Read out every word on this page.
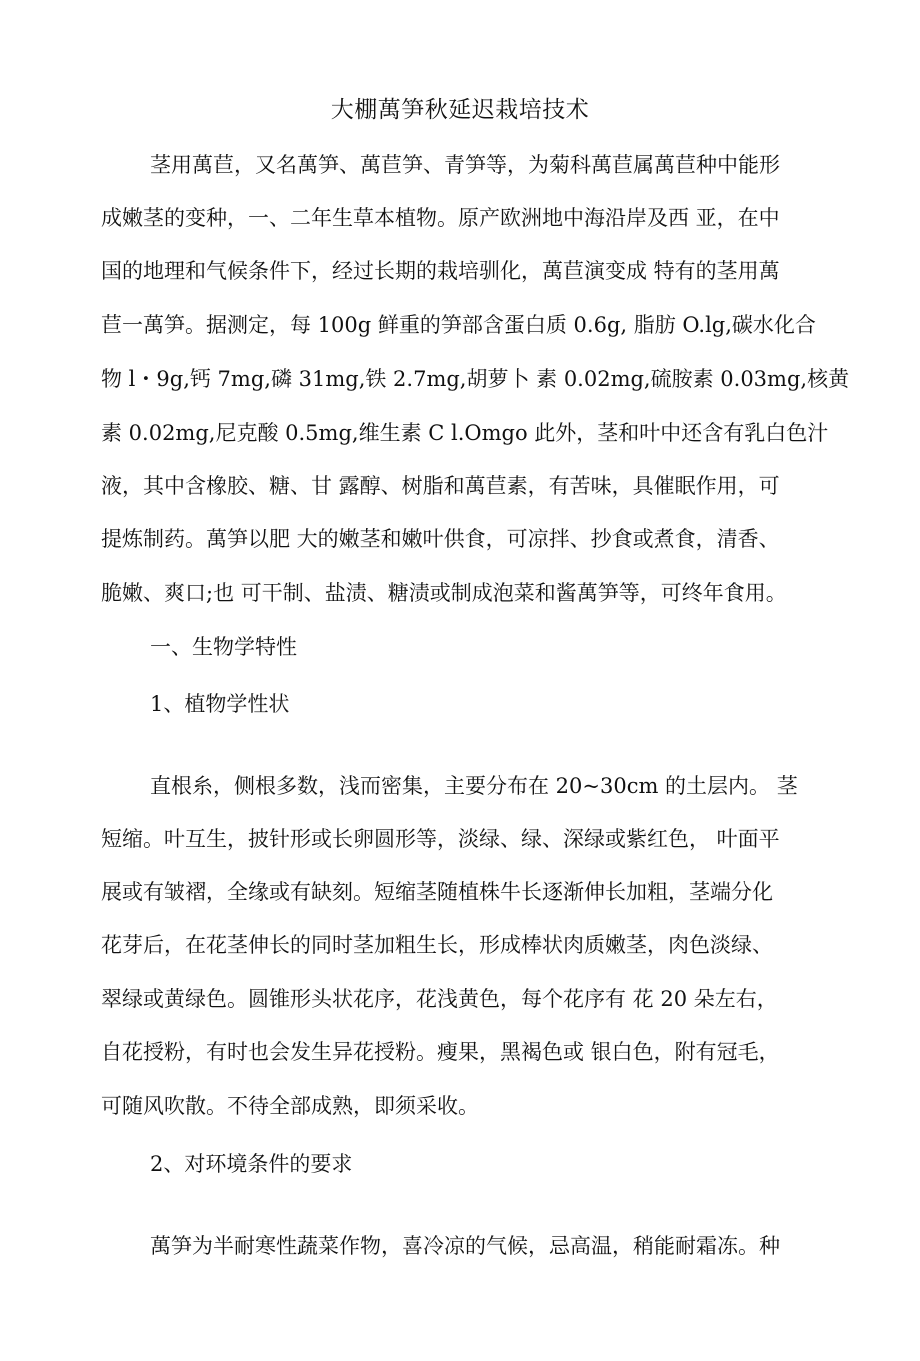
大棚萬笋秋延迟栽培技术
茎用萬苣，又名萬笋、萬苣笋、青笋等，为菊科萬苣属萬苣种中能形
成嫩茎的变种，一、二年生草本植物。原产欧洲地中海沿岸及西 亚，在中
国的地理和气候条件下，经过长期的栽培驯化，萬苣演变成 特有的茎用萬
苣一萬笋。据测定，每 100g 鲜重的笋部含蛋白质 0.6g, 脂肪 O.lg,碳水化合
物 l・9g,钙 7mg,磷 31mg,铁 2.7mg,胡萝卜 素 0.02mg,硫胺素 0.03mg,核黄
素 0.02mg,尼克酸 0.5mg,维生素 C l.Omgo 此外，茎和叶中还含有乳白色汁
液，其中含橡胶、糖、甘 露醇、树脂和萬苣素，有苦味，具催眠作用，可
提炼制药。萬笋以肥 大的嫩茎和嫩叶供食，可凉拌、抄食或煮食，清香、
脆嫩、爽口;也 可干制、盐渍、糖渍或制成泡菜和酱萬笋等，可终年食用。
一、生物学特性
1、植物学性状
直根糸，侧根多数，浅而密集，主要分布在 20~30cm 的土层内。 茎
短缩。叶互生，披针形或长卵圆形等，淡绿、绿、深绿或紫红色， 叶面平
展或有皱褶，全缘或有缺刻。短缩茎随植株牛长逐渐伸长加粗，茎端分化
花芽后，在花茎伸长的同时茎加粗生长，形成棒状肉质嫩茎，肉色淡绿、
翠绿或黄绿色。圆锥形头状花序，花浅黄色，每个花序有 花 20 朵左右，
自花授粉，有时也会发生异花授粉。瘦果，黑褐色或 银白色，附有冠毛，
可随风吹散。不待全部成熟，即须采收。
2、对环境条件的要求
萬笋为半耐寒性蔬菜作物，喜冷凉的气候，忌高温，稍能耐霜冻。种
